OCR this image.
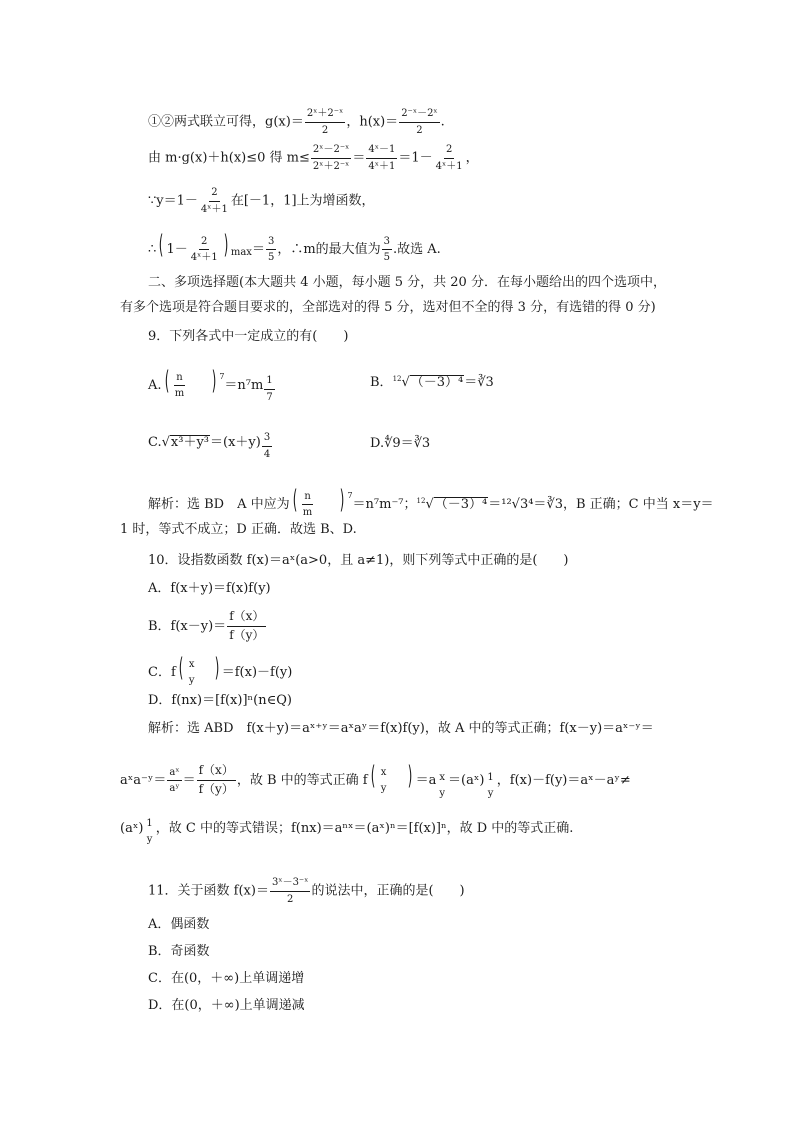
①②两式联立可得，$g(x)= \frac{\text{2ˣ＋2⁻ˣ}}{2}$ ，$h(x)= \frac{\text{2⁻ˣ－2ˣ}}{2}$ .
由 m·g(x)＋h(x)≤0 得 $m\le \frac{\text{2ˣ－2⁻ˣ}}{\text{2ˣ＋2⁻ˣ}} = \frac{\text{4ˣ－1}}{\text{4ˣ＋1}} =1- \frac{2}{\text{4ˣ＋1}}$ ，
∵y＝1－ $\frac{2}{\text{4ˣ＋1}}$ 在[－1，1]上为增函数，
∴ ( $1- \frac{2}{\text{4ˣ＋1}}$ ) $_{max}= \frac{3}{5}$ ，∴m的最大值为 $\frac{3}{5}$ .故选 A.
二、多项选择题(本大题共 4 小题，每小题 5 分，共 20 分．在每小题给出的四个选项中，
有多个选项是符合题目要求的，全部选对的得 5 分，选对但不全的得 3 分，有选错的得 0 分)
9．下列各式中一定成立的有(　　)
A. ( $\frac{n}{m}$ ) $^7=n^7m \frac{1}{7}$	B．$^{12}$√（－3）⁴＝∛3
$C.√x^3+y^3=(x+y) \frac{3}{4}$	D.∜9＝∛3
解析：选 BD　A 中应为 ( $\frac{n}{m}$ ) $^7$＝n⁷m⁻⁷；$^{12}$√（－3）⁴＝¹²√3⁴＝∛3，B 正确；C 中当 x＝y＝
1 时，等式不成立；D 正确．故选 B、D.
10．设指数函数 f(x)＝aˣ(a>0，且 a≠1)，则下列等式中正确的是(　　)
A．f(x＋y)＝f(x)f(y)
B．$f(x-y)= \frac{f(x)}{f(y)}$
C．f ( x
y ) ＝f(x)－f(y)
D．f(nx)＝[f(x)]ⁿ(n∈Q)
解析：选 ABD　f(x＋y)＝aˣ⁺ʸ＝aˣaʸ＝f(x)f(y)，故 A 中的等式正确；f(x－y)＝aˣ⁻ʸ＝
aˣa⁻ʸ＝ $\frac{\text{aˣ}}{\text{aʸ}} = \frac{f(x)}{f(y)}$ ，故 B 中的等式正确 f ( x
y ) ＝a x
y
＝(aˣ) 1
y
，f(x)－f(y)＝aˣ－aʸ≠
(aˣ) 1
y
，故 C 中的等式错误；f(nx)＝aⁿˣ＝(aˣ)ⁿ＝[f(x)]ⁿ，故 D 中的等式正确.
11．关于函数 $f(x)= \frac{\text{3ˣ－3⁻ˣ}}{2}$ 的说法中，正确的是(　　)
A．偶函数
B．奇函数
C．在(0，＋∞)上单调递增
D．在(0，＋∞)上单调递减
